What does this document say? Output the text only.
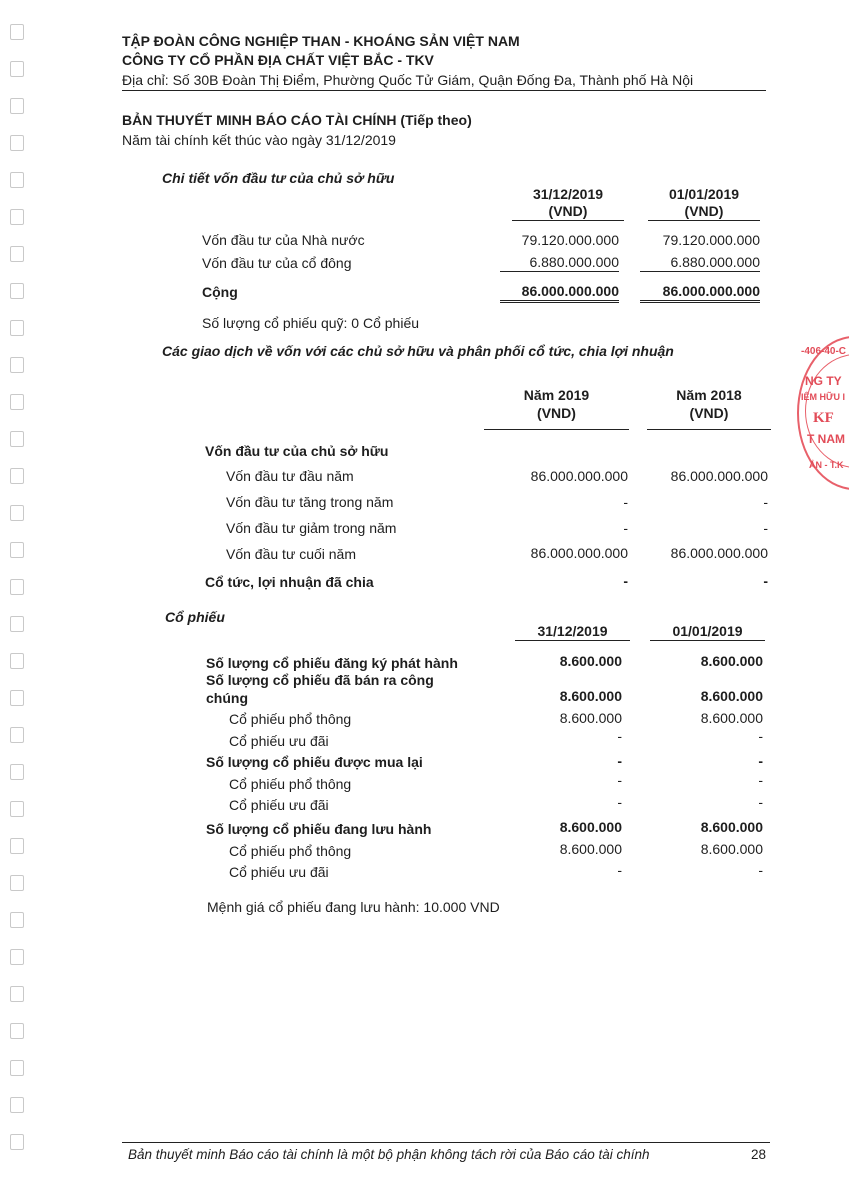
TẬP ĐOÀN CÔNG NGHIỆP THAN - KHOÁNG SẢN VIỆT NAM
CÔNG TY CỔ PHẦN ĐỊA CHẤT VIỆT BẮC - TKV
Địa chỉ: Số 30B Đoàn Thị Điểm, Phường Quốc Tử Giám, Quận Đống Đa, Thành phố Hà Nội
BẢN THUYẾT MINH BÁO CÁO TÀI CHÍNH (Tiếp theo)
Năm tài chính kết thúc vào ngày 31/12/2019
Chi tiết vốn đầu tư của chủ sở hữu
31/12/2019
(VND)
01/01/2019
(VND)
Vốn đầu tư của Nhà nước	79.120.000.000	79.120.000.000
Vốn đầu tư của cổ đông	6.880.000.000	6.880.000.000
Cộng	86.000.000.000	86.000.000.000
Số lượng cổ phiếu quỹ: 0 Cổ phiếu
Các giao dịch về vốn với các chủ sở hữu và phân phối cổ tức, chia lợi nhuận
Năm 2019
(VND)
Năm 2018
(VND)
Vốn đầu tư của chủ sở hữu
Vốn đầu tư đầu năm	86.000.000.000	86.000.000.000
Vốn đầu tư tăng trong năm	-	-
Vốn đầu tư giảm trong năm	-	-
Vốn đầu tư cuối năm	86.000.000.000	86.000.000.000
Cổ tức, lợi nhuận đã chia	-	-
Cổ phiếu
31/12/2019	01/01/2019
Số lượng cổ phiếu đăng ký phát hành	8.600.000	8.600.000
Số lượng cổ phiếu đã bán ra công
chúng	8.600.000	8.600.000
Cổ phiếu phổ thông	8.600.000	8.600.000
Cổ phiếu ưu đãi	-	-
Số lượng cổ phiếu được mua lại	-	-
Cổ phiếu phổ thông	-	-
Cổ phiếu ưu đãi	-	-
Số lượng cổ phiếu đang lưu hành	8.600.000	8.600.000
Cổ phiếu phổ thông	8.600.000	8.600.000
Cổ phiếu ưu đãi	-	-
Mệnh giá cổ phiếu đang lưu hành: 10.000 VND
-406-40-C
NG TY
IÊM HỮU I
KF
T NAM
ẮN - T.K
Bản thuyết minh Báo cáo tài chính là một bộ phận không tách rời của Báo cáo tài chính	28
